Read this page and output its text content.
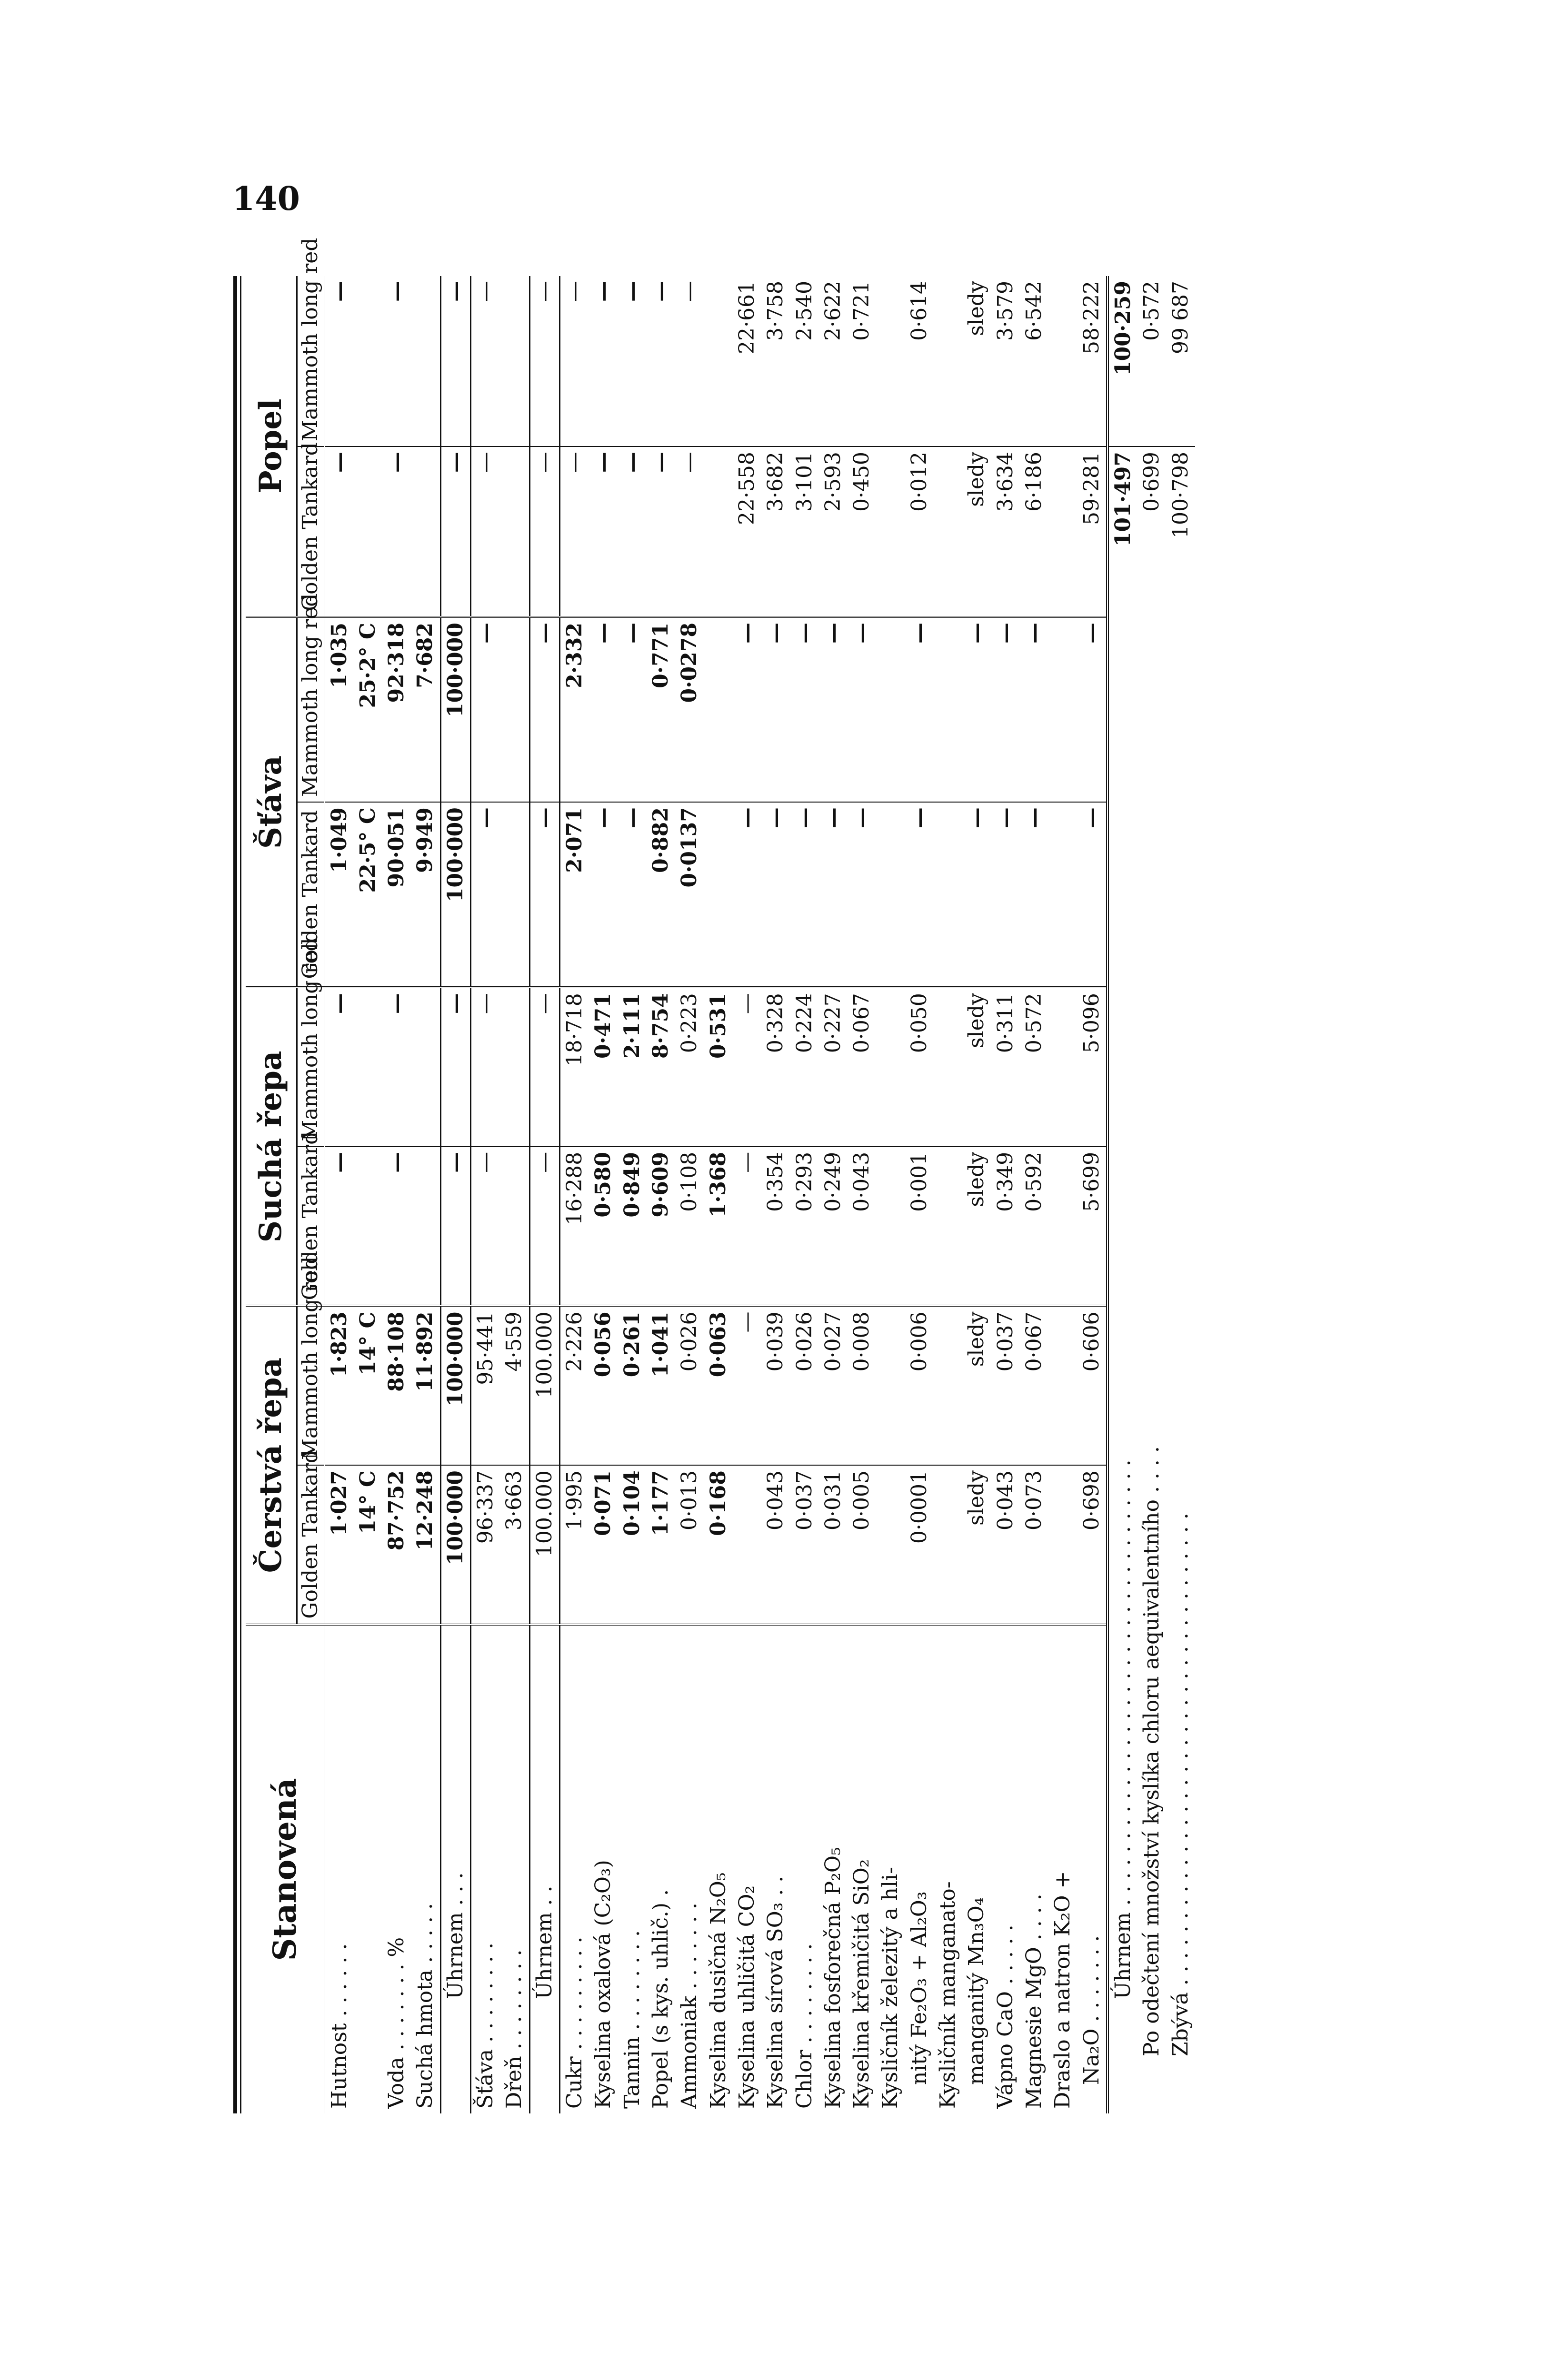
140
Stanovená	Čerstvá řepa		Suchá řepa		Šťáva		Popel	
	Golden Tankard	Mammoth long red	Golden Tankard	Mammoth long red	Golden Tankard	Mammoth long red	Golden Tankard	Mammoth long red
Hutnost . . . . . .	1·027	1·823	—	—	1·049	1·035	—	—
	14° C	14° C			22·5° C	25·2° C		
Voda . . . . . . . %	87·752	88·108	—	—	90·051	92·318	—	—
Suchá hmota . . . . .	12·248	11·892			9·949	7·682		
Úhrnem . . .	100·000	100·000	—	—	100·000	100·000	—	—
Šťáva . . . . . . . .	96·337	95·441	—	—	—	—	—	—
Dřeň . . . . . . . .	3·663	4·559						
Úhrnem . .	100.000	100.000	—	—	—	—	—	—
Cukr . . . . . . . . .	1·995	2·226	16·288	18·718	2·071	2·332	—	—
Kyselina oxalová (C₂O₃)	0·071	0·056	0·580	0·471	—	—	—	—
Tannin . . . . . . . .	0·104	0·261	0·849	2·111	—	—	—	—
Popel (s kys. uhlič.) .	1·177	1·041	9·609	8·754	0·882	0·771	—	—
Ammoniak . . . . . . .	0·013	0·026	0·108	0·223	0·0137	0·0278	—	—
Kyselina dusičná N₂O₅	0·168	0·063	1·368	0·531				
Kyselina uhličitá CO₂		—	—	—	—	—	22·558	22·661
Kyselina sírová SO₃ . .	0·043	0·039	0·354	0·328	—	—	3·682	3·758
Chlor . . . . . . . .	0·037	0·026	0·293	0·224	—	—	3·101	2·540
Kyselina fosforečná P₂O₅	0·031	0·027	0·249	0·227	—	—	2·593	2·622
Kyselina křemičitá SiO₂	0·005	0·008	0·043	0·067	—	—	0·450	0·721
Kysličník železitý a hli-								
nitý Fe₂O₃ + Al₂O₃	0·0001	0·006	0·001	0·050	—	—	0·012	0·614
Kysličník manganato-								
manganitý Mn₃O₄	sledy	sledy	sledy	sledy	—	—	sledy	sledy
Vápno CaO . . . . .	0·043	0·037	0·349	0·311	—	—	3·634	3·579
Magnesie MgO . . . .	0·073	0·067	0·592	0·572	—	—	6·186	6·542
Draslo a natron K₂O +								
Na₂O . . . . . . .	0·698	0·606	5·699	5·096	—	—	59·281	58·222
Úhrnem . . . . . . . . . . . . . . . . . . . . . . . . . . . . . . . . . .							101·497	100·259
Po odečtení množství kyslíka chloru aequivalentního . . . .							0·699	0·572
Zbývá . . . . . . . . . . . . . . . . . . . . . . . . . . . . . . . . . . . .							100·798	99 687
